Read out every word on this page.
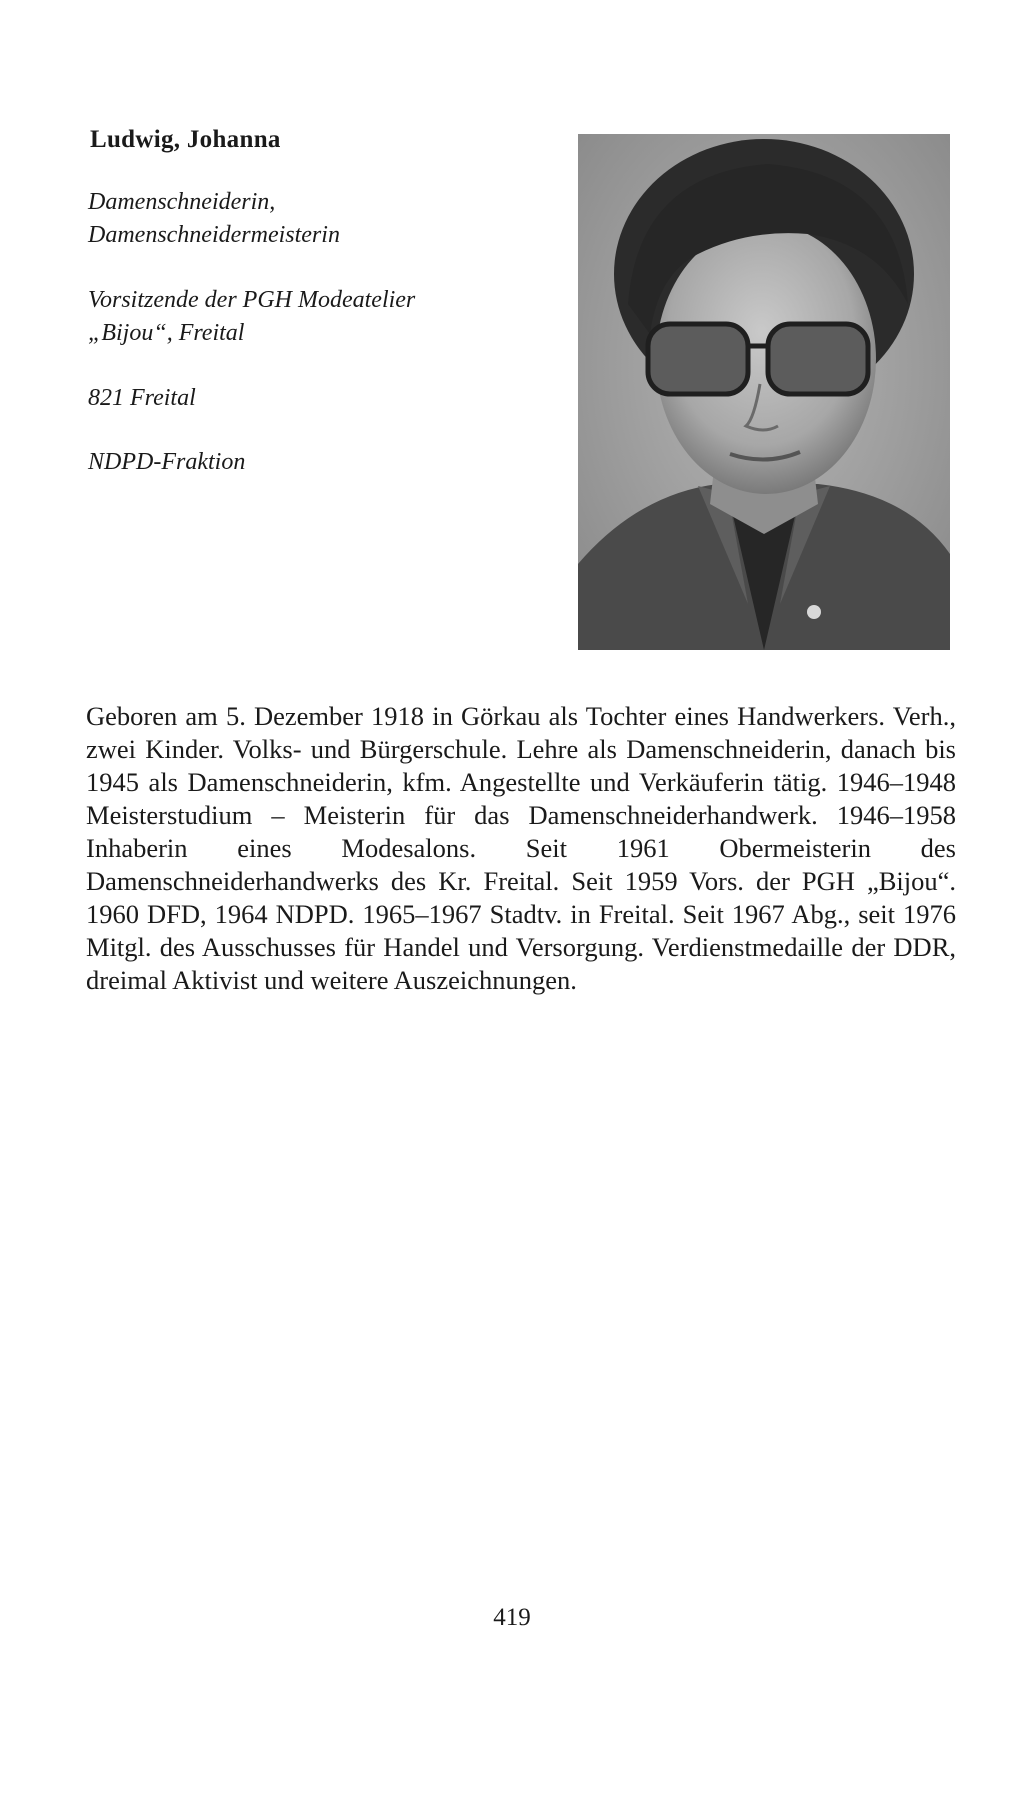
Ludwig, Johanna
Damenschneiderin,
Damenschneidermeisterin
Vorsitzende der PGH Modeatelier
„Bijou“, Freital
821 Freital
NDPD-Fraktion

Geboren am 5. Dezember 1918 in Görkau als Tochter eines Handwerkers. Verh., zwei Kinder. Volks- und Bürgerschule. Lehre als Damenschneiderin, danach bis 1945 als Damenschneiderin, kfm. Angestellte und Verkäuferin tätig. 1946–1948 Meisterstudium – Meisterin für das Damenschneiderhandwerk. 1946–1958 Inhaberin eines Modesalons. Seit 1961 Obermeisterin des Damenschneiderhandwerks des Kr. Freital. Seit 1959 Vors. der PGH „Bijou“. 1960 DFD, 1964 NDPD. 1965–1967 Stadtv. in Freital. Seit 1967 Abg., seit 1976 Mitgl. des Ausschusses für Handel und Versorgung. Verdienstmedaille der DDR, dreimal Aktivist und weitere Auszeichnungen.

419
